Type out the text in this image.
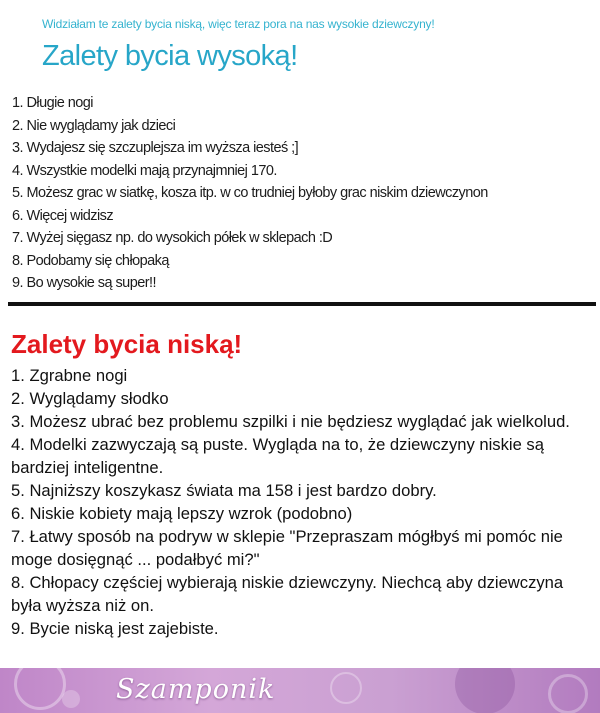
Widziałam te zalety bycia niską, więc teraz pora na nas wysokie dziewczyny!
Zalety bycia wysoką!
1. Długie nogi
2. Nie wyglądamy jak dzieci
3. Wydajesz się szczuplejsza im wyższa iesteś ;]
4. Wszystkie modelki mają przynajmniej 170.
5. Możesz grac w siatkę, kosza itp. w co trudniej byłoby grac niskim dziewczynon
6. Więcej widzisz
7. Wyżej sięgasz np. do wysokich półek w sklepach :D
8. Podobamy się chłopaką
9. Bo wysokie są super!!
Zalety bycia niską!
1. Zgrabne nogi
2. Wyglądamy słodko
3. Możesz ubrać bez problemu szpilki i nie będziesz wyglądać jak wielkolud.
4. Modelki zazwyczają są puste. Wygląda na to, że dziewczyny niskie są bardziej inteligentne.
5. Najniższy koszykasz świata ma 158 i jest bardzo dobry.
6. Niskie kobiety mają lepszy wzrok (podobno)
7. Łatwy sposób na podryw w sklepie "Przepraszam mógłbyś mi pomóc nie moge dosięgnąć ... podałbyć mi?"
8. Chłopacy częściej wybierają niskie dziewczyny. Niechcą aby dziewczyna była wyższa niż on.
9. Bycie niską jest zajebiste.
Szamponik
